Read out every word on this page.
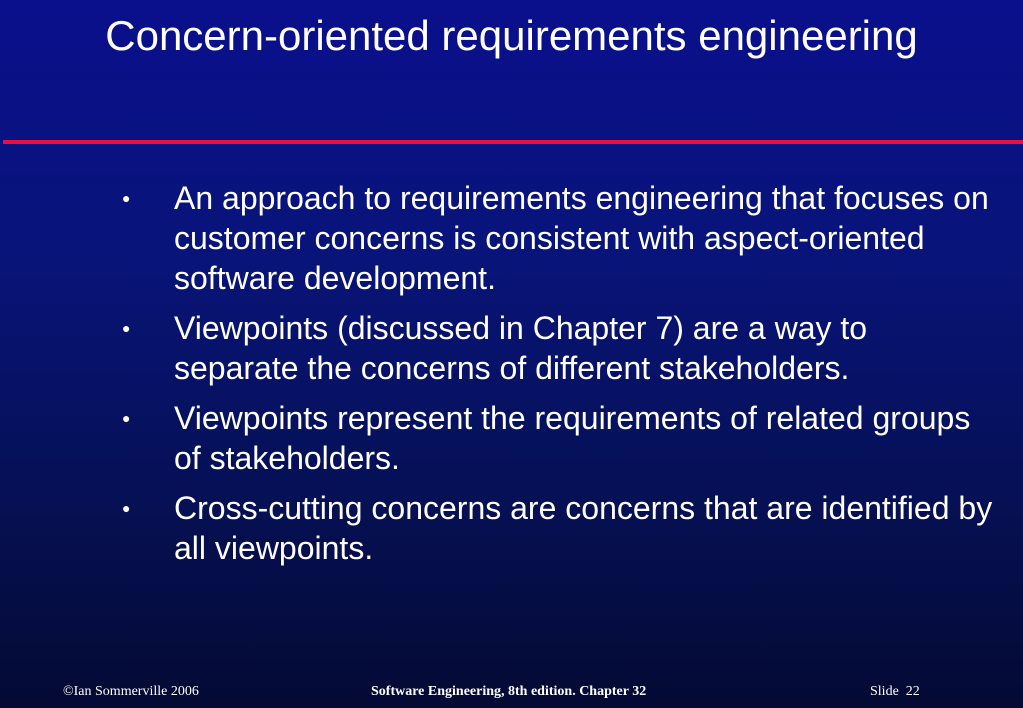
Concern-oriented requirements engineering
●	An approach to requirements engineering that focuses on customer concerns is consistent with aspect-oriented software development.
●	Viewpoints (discussed in Chapter 7) are a way to separate the concerns of different stakeholders.
●	Viewpoints represent the requirements of related groups of stakeholders.
●	Cross-cutting concerns are concerns that are identified by all viewpoints.
©Ian Sommerville 2006	Software Engineering, 8th edition. Chapter 32	Slide  22
